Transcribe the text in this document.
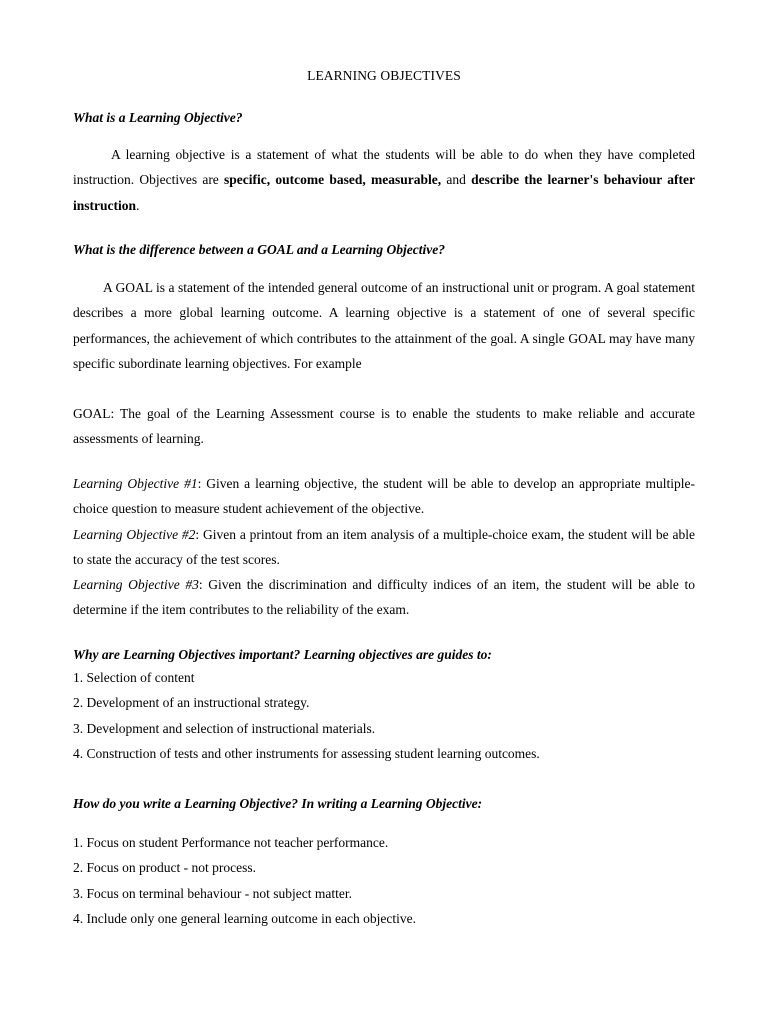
LEARNING OBJECTIVES
What is a Learning Objective?
A learning objective is a statement of what the students will be able to do when they have completed instruction. Objectives are specific, outcome based, measurable, and describe the learner's behaviour after instruction.
What is the difference between a GOAL and a Learning Objective?
A GOAL is a statement of the intended general outcome of an instructional unit or program. A goal statement describes a more global learning outcome. A learning objective is a statement of one of several specific performances, the achievement of which contributes to the attainment of the goal. A single GOAL may have many specific subordinate learning objectives. For example
GOAL: The goal of the Learning Assessment course is to enable the students to make reliable and accurate assessments of learning.
Learning Objective #1: Given a learning objective, the student will be able to develop an appropriate multiple-choice question to measure student achievement of the objective.
Learning Objective #2: Given a printout from an item analysis of a multiple-choice exam, the student will be able to state the accuracy of the test scores.
Learning Objective #3: Given the discrimination and difficulty indices of an item, the student will be able to determine if the item contributes to the reliability of the exam.
Why are Learning Objectives important? Learning objectives are guides to:
1. Selection of content
2. Development of an instructional strategy.
3. Development and selection of instructional materials.
4. Construction of tests and other instruments for assessing student learning outcomes.
How do you write a Learning Objective? In writing a Learning Objective:
1. Focus on student Performance not teacher performance.
2. Focus on product - not process.
3. Focus on terminal behaviour - not subject matter.
4. Include only one general learning outcome in each objective.
